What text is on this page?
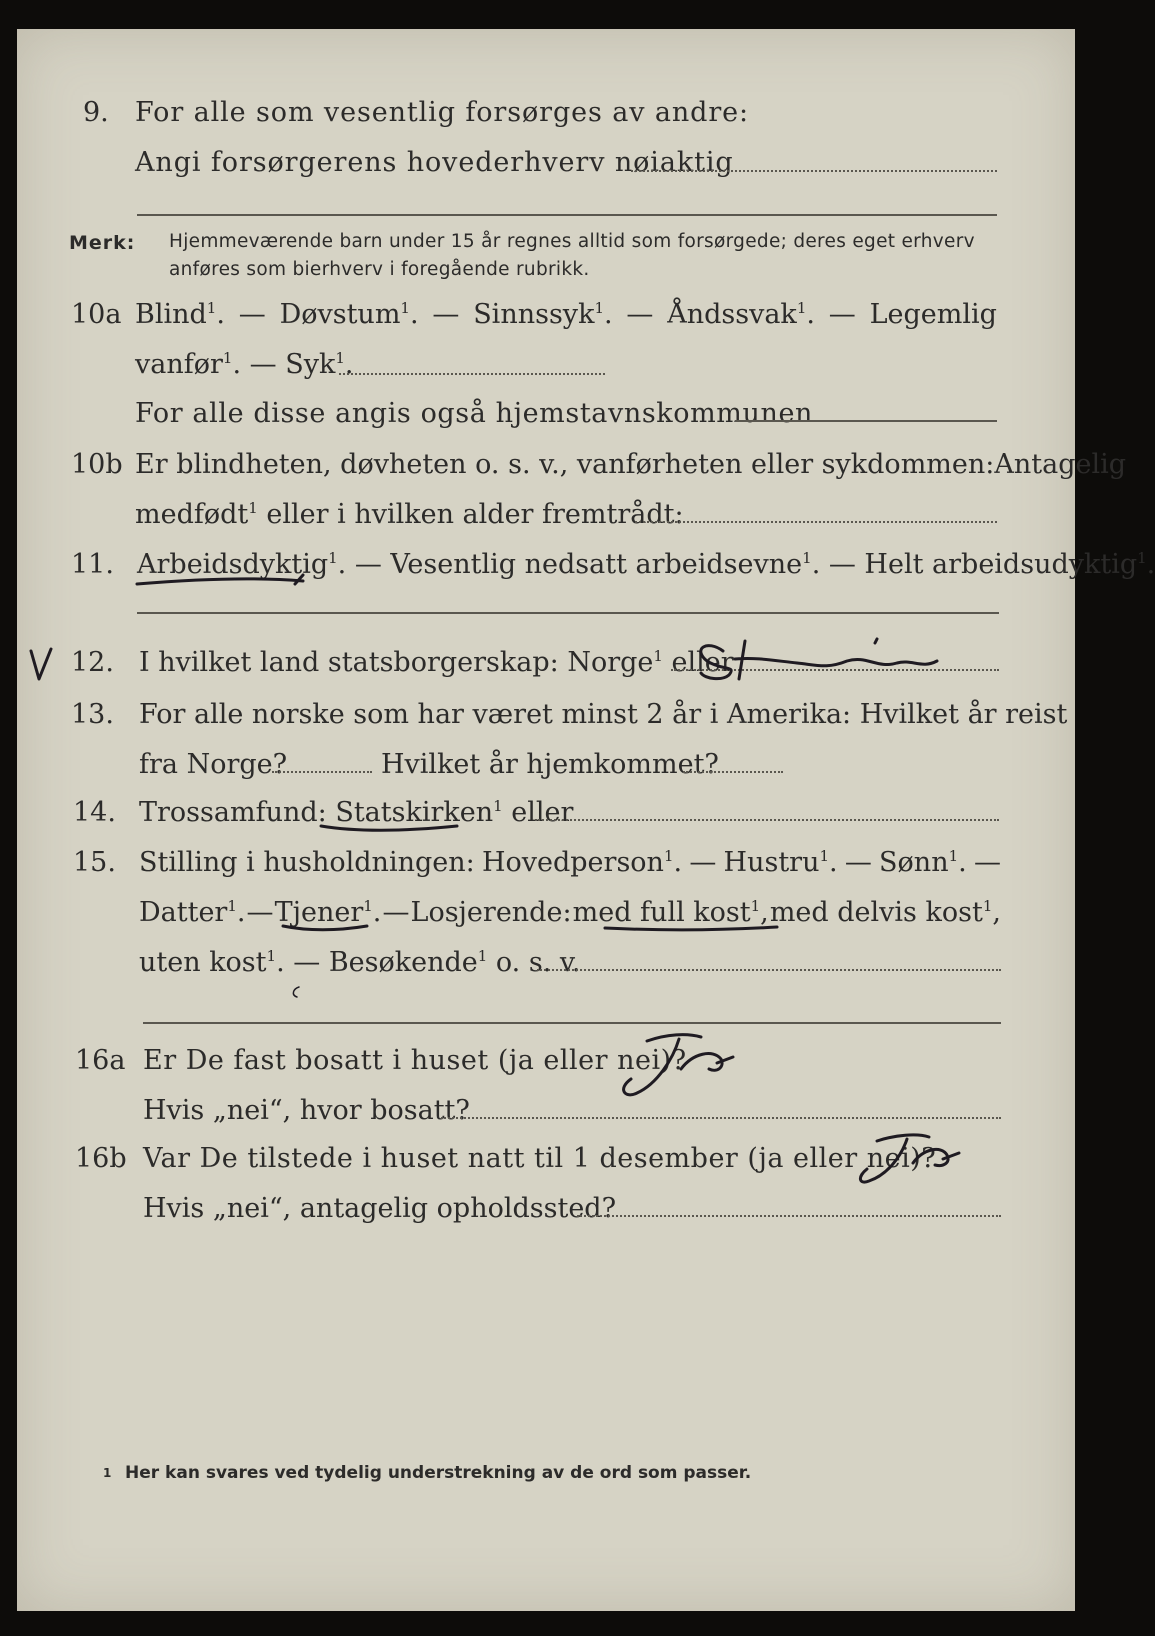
9. For alle som vesentlig forsørges av andre:
Angi forsørgerens hovederhverv nøiaktig
Merk: Hjemmeværende barn under 15 år regnes alltid som forsørgede; deres eget erhverv
anføres som bierhverv i foregående rubrikk.
10a Blind$^1$. — Døvstum$^1$. — Sinnssyk$^1$. — Åndssvak$^1$. — Legemlig
vanfør$^1$. — Syk$^1$.
For alle disse angis også hjemstavnskommunen
10b Er blindheten, døvheten o. s. v., vanførheten eller sykdommen: Antagelig
medfødt$^1$ eller i hvilken alder fremtrådt:
11. Arbeidsdyktig$^1$ . — Vesentlig nedsatt arbeidsevne$^1$ . — Helt arbeidsudyktig$^1$.
12. I hvilket land statsborgerskap: Norge$^1$ eller
13. For alle norske som har været minst 2 år i Amerika: Hvilket år reist
fra Norge?	Hvilket år hjemkommet?
14. Trossamfund: Statskirken$^1$ eller
15. Stilling i husholdningen: Hovedperson$^1$. — Hustru$^1$. — Sønn$^1$. —
Datter$^1$. — Tjener$^1$. — Losjerende: med full kost$^1$, med delvis kost$^1$,
uten kost$^1$. — Besøkende$^1$ o. s. v.
16a Er De fast bosatt i huset (ja eller nei)?
Hvis „nei“, hvor bosatt?
16b Var De tilstede i huset natt til 1 desember (ja eller nei)?
Hvis „nei“, antagelig opholdssted?
1 Her kan svares ved tydelig understrekning av de ord som passer.
